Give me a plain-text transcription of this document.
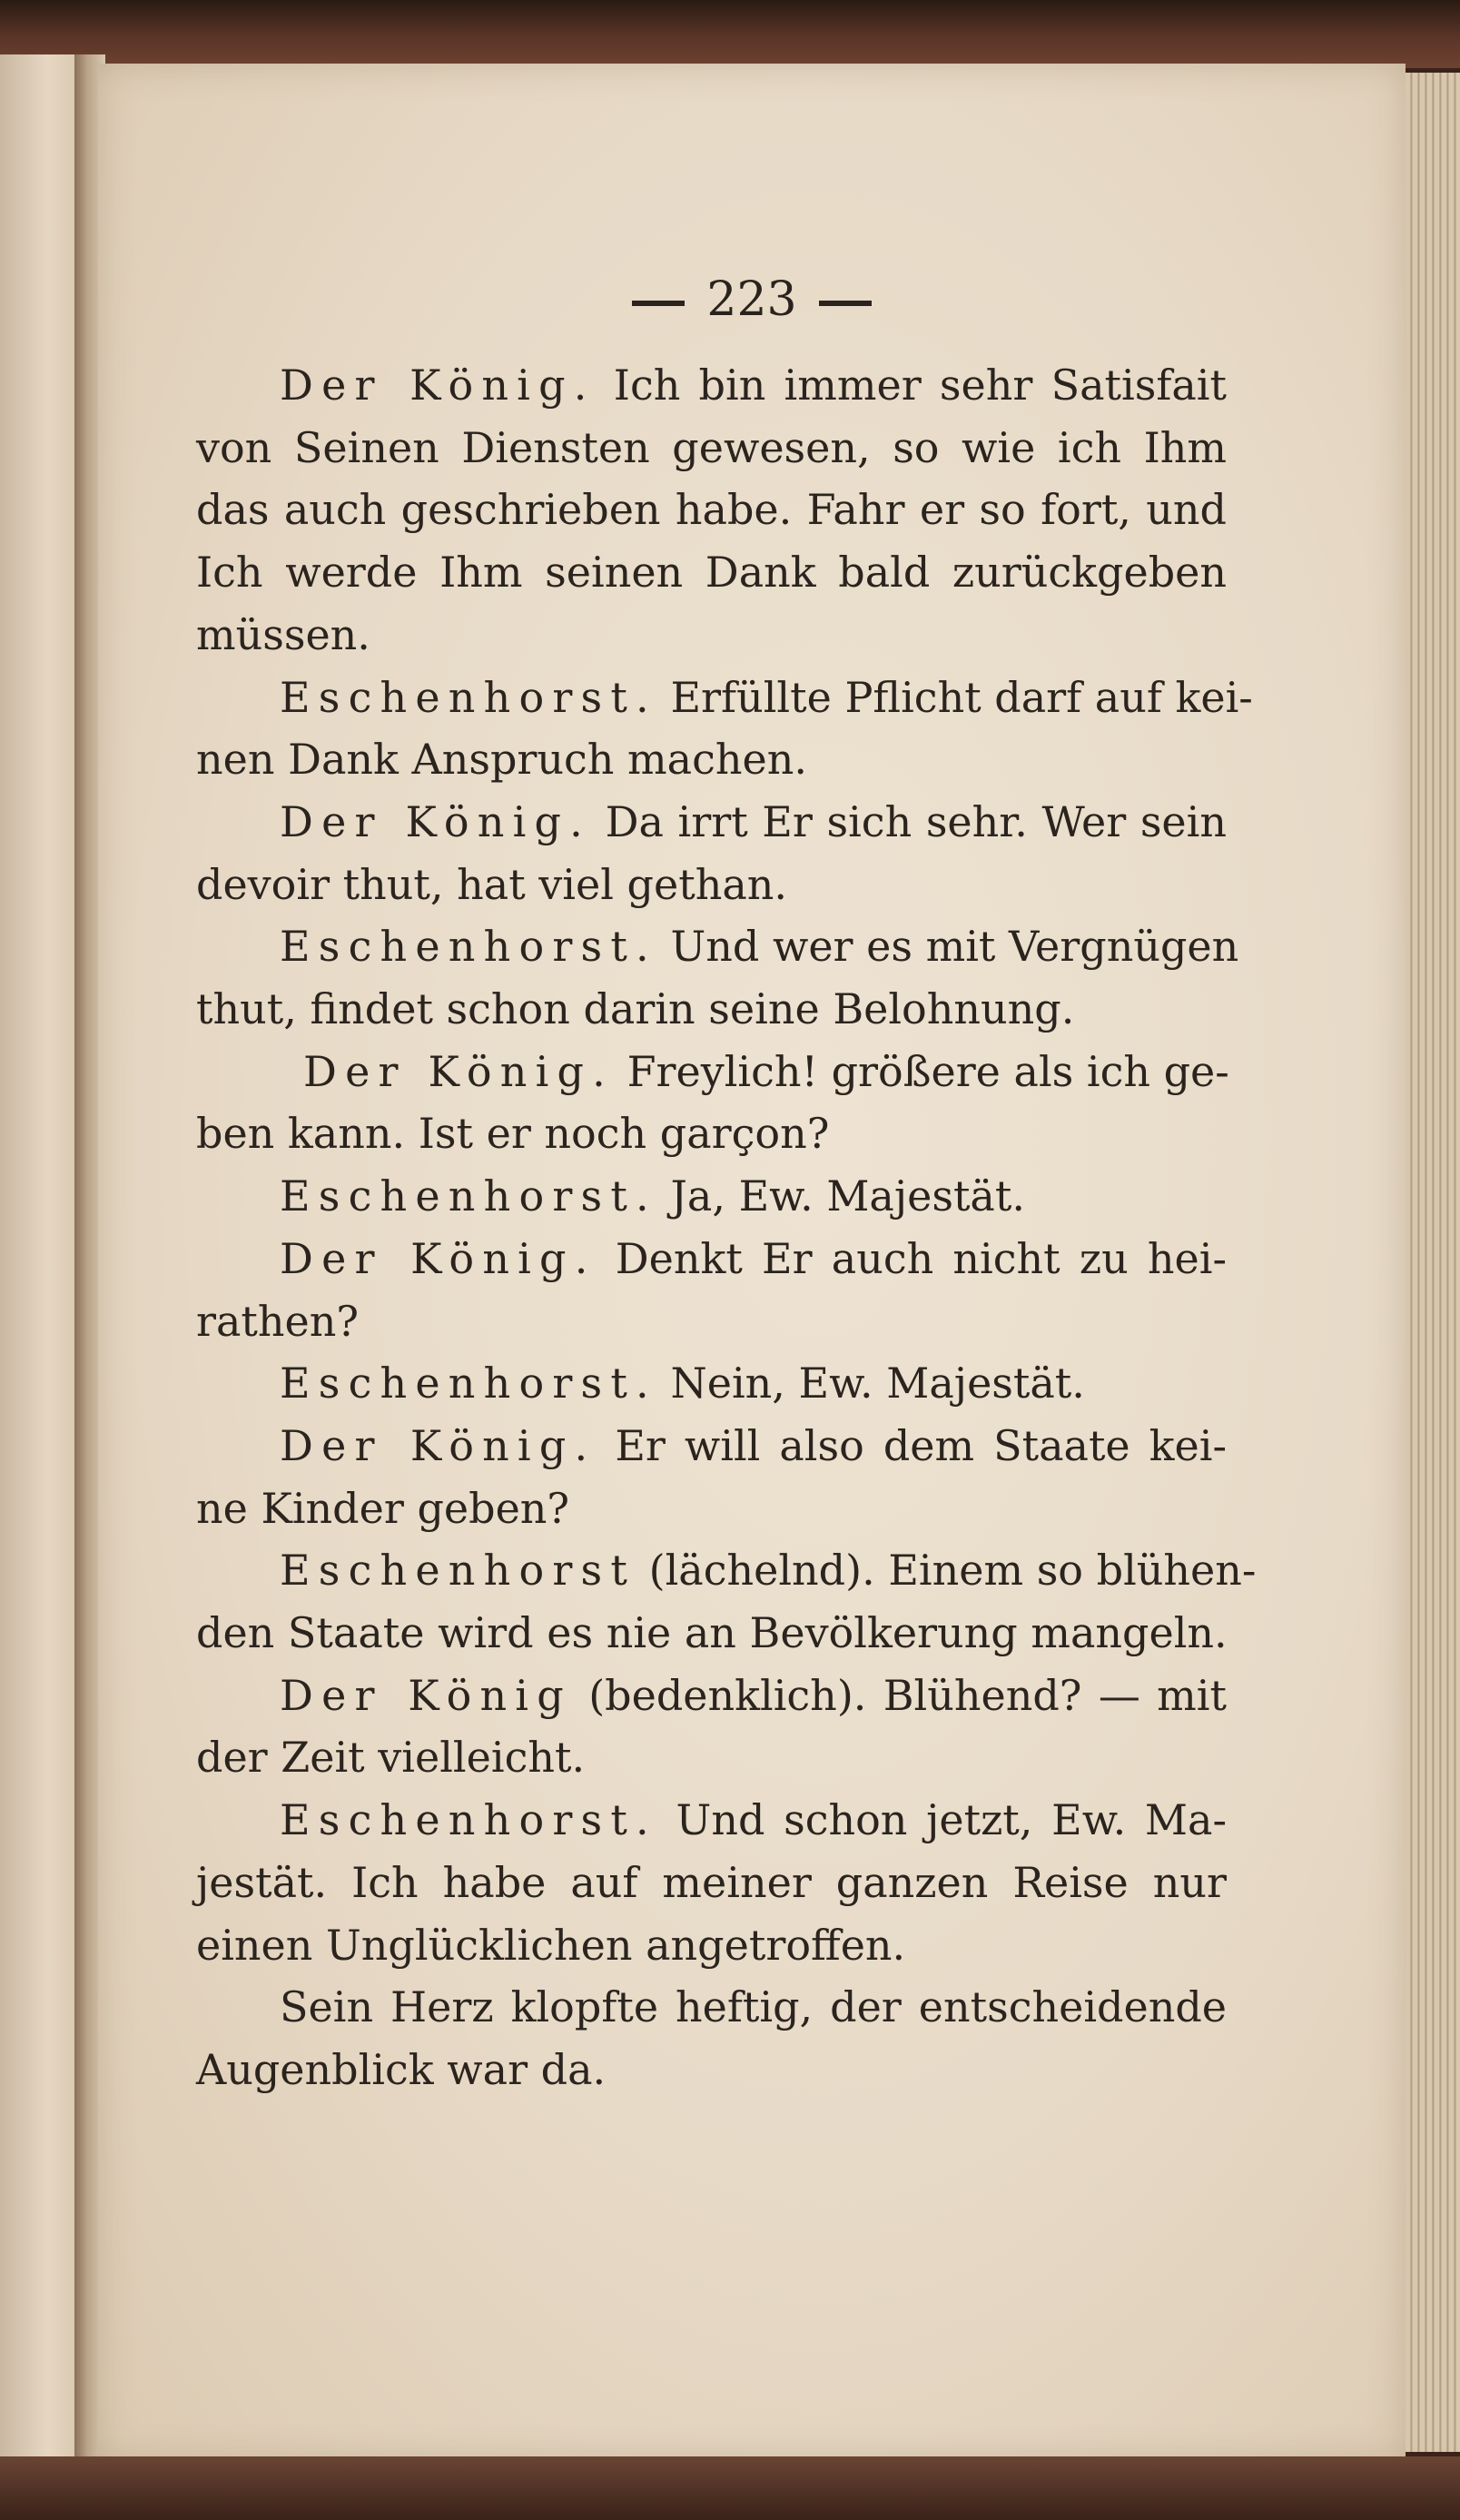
223
Der König. Ich bin immer sehr Satisfait
von Seinen Diensten gewesen, so wie ich Ihm
das auch geschrieben habe. Fahr er so fort, und
Ich werde Ihm seinen Dank bald zurückgeben
müssen.
Eschenhorst. Erfüllte Pflicht darf auf kei-
nen Dank Anspruch machen.
Der König. Da irrt Er sich sehr. Wer sein
devoir thut, hat viel gethan.
Eschenhorst. Und wer es mit Vergnügen
thut, findet schon darin seine Belohnung.
Der König. Freylich! größere als ich ge-
ben kann. Ist er noch garçon?
Eschenhorst. Ja, Ew. Majestät.
Der König. Denkt Er auch nicht zu hei-
rathen?
Eschenhorst. Nein, Ew. Majestät.
Der König. Er will also dem Staate kei-
ne Kinder geben?
Eschenhorst (lächelnd). Einem so blühen-
den Staate wird es nie an Bevölkerung mangeln.
Der König (bedenklich). Blühend? — mit
der Zeit vielleicht.
Eschenhorst. Und schon jetzt, Ew. Ma-
jestät. Ich habe auf meiner ganzen Reise nur
einen Unglücklichen angetroffen.
Sein Herz klopfte heftig, der entscheidende
Augenblick war da.
